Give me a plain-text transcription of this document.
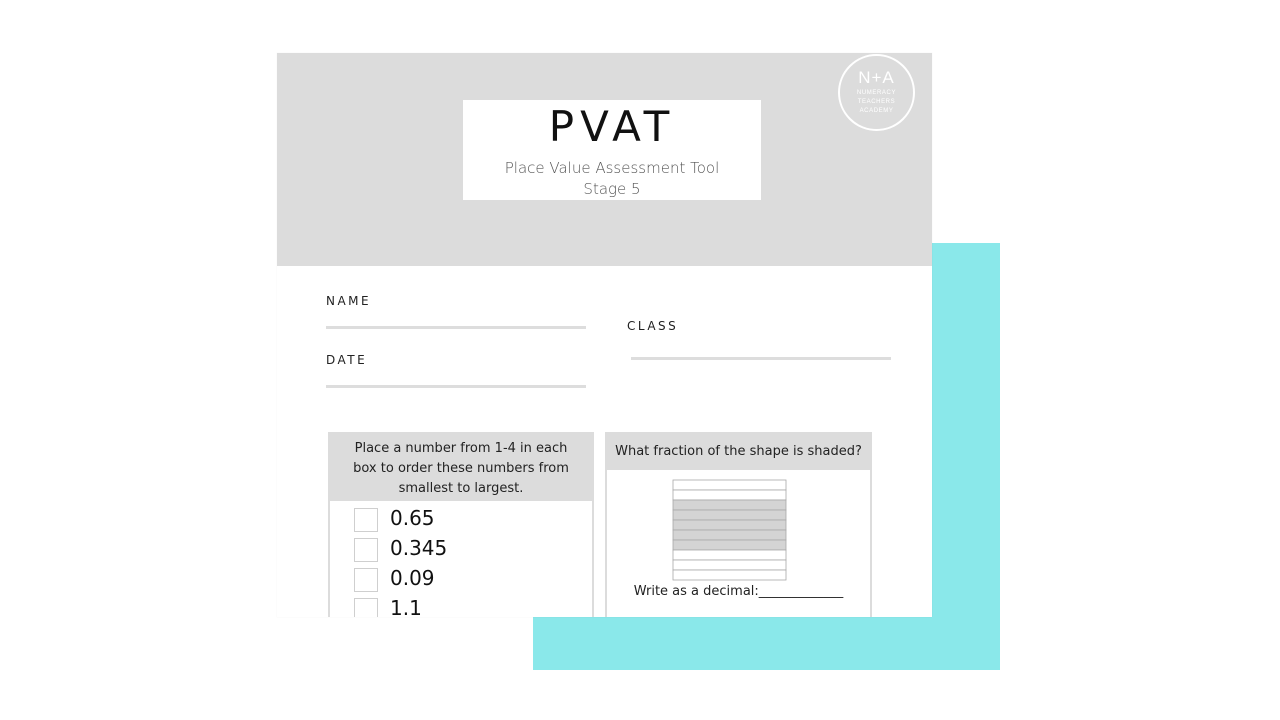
PVAT
Place Value Assessment Tool
Stage 5
N+A
NUMERACY
TEACHERS
ACADEMY
NAME
CLASS
DATE
Place a number from 1-4 in each box to order these numbers from smallest to largest.
0.65
0.345
0.09
1.1
What fraction of the shape is shaded?
Write as a decimal:_____________
